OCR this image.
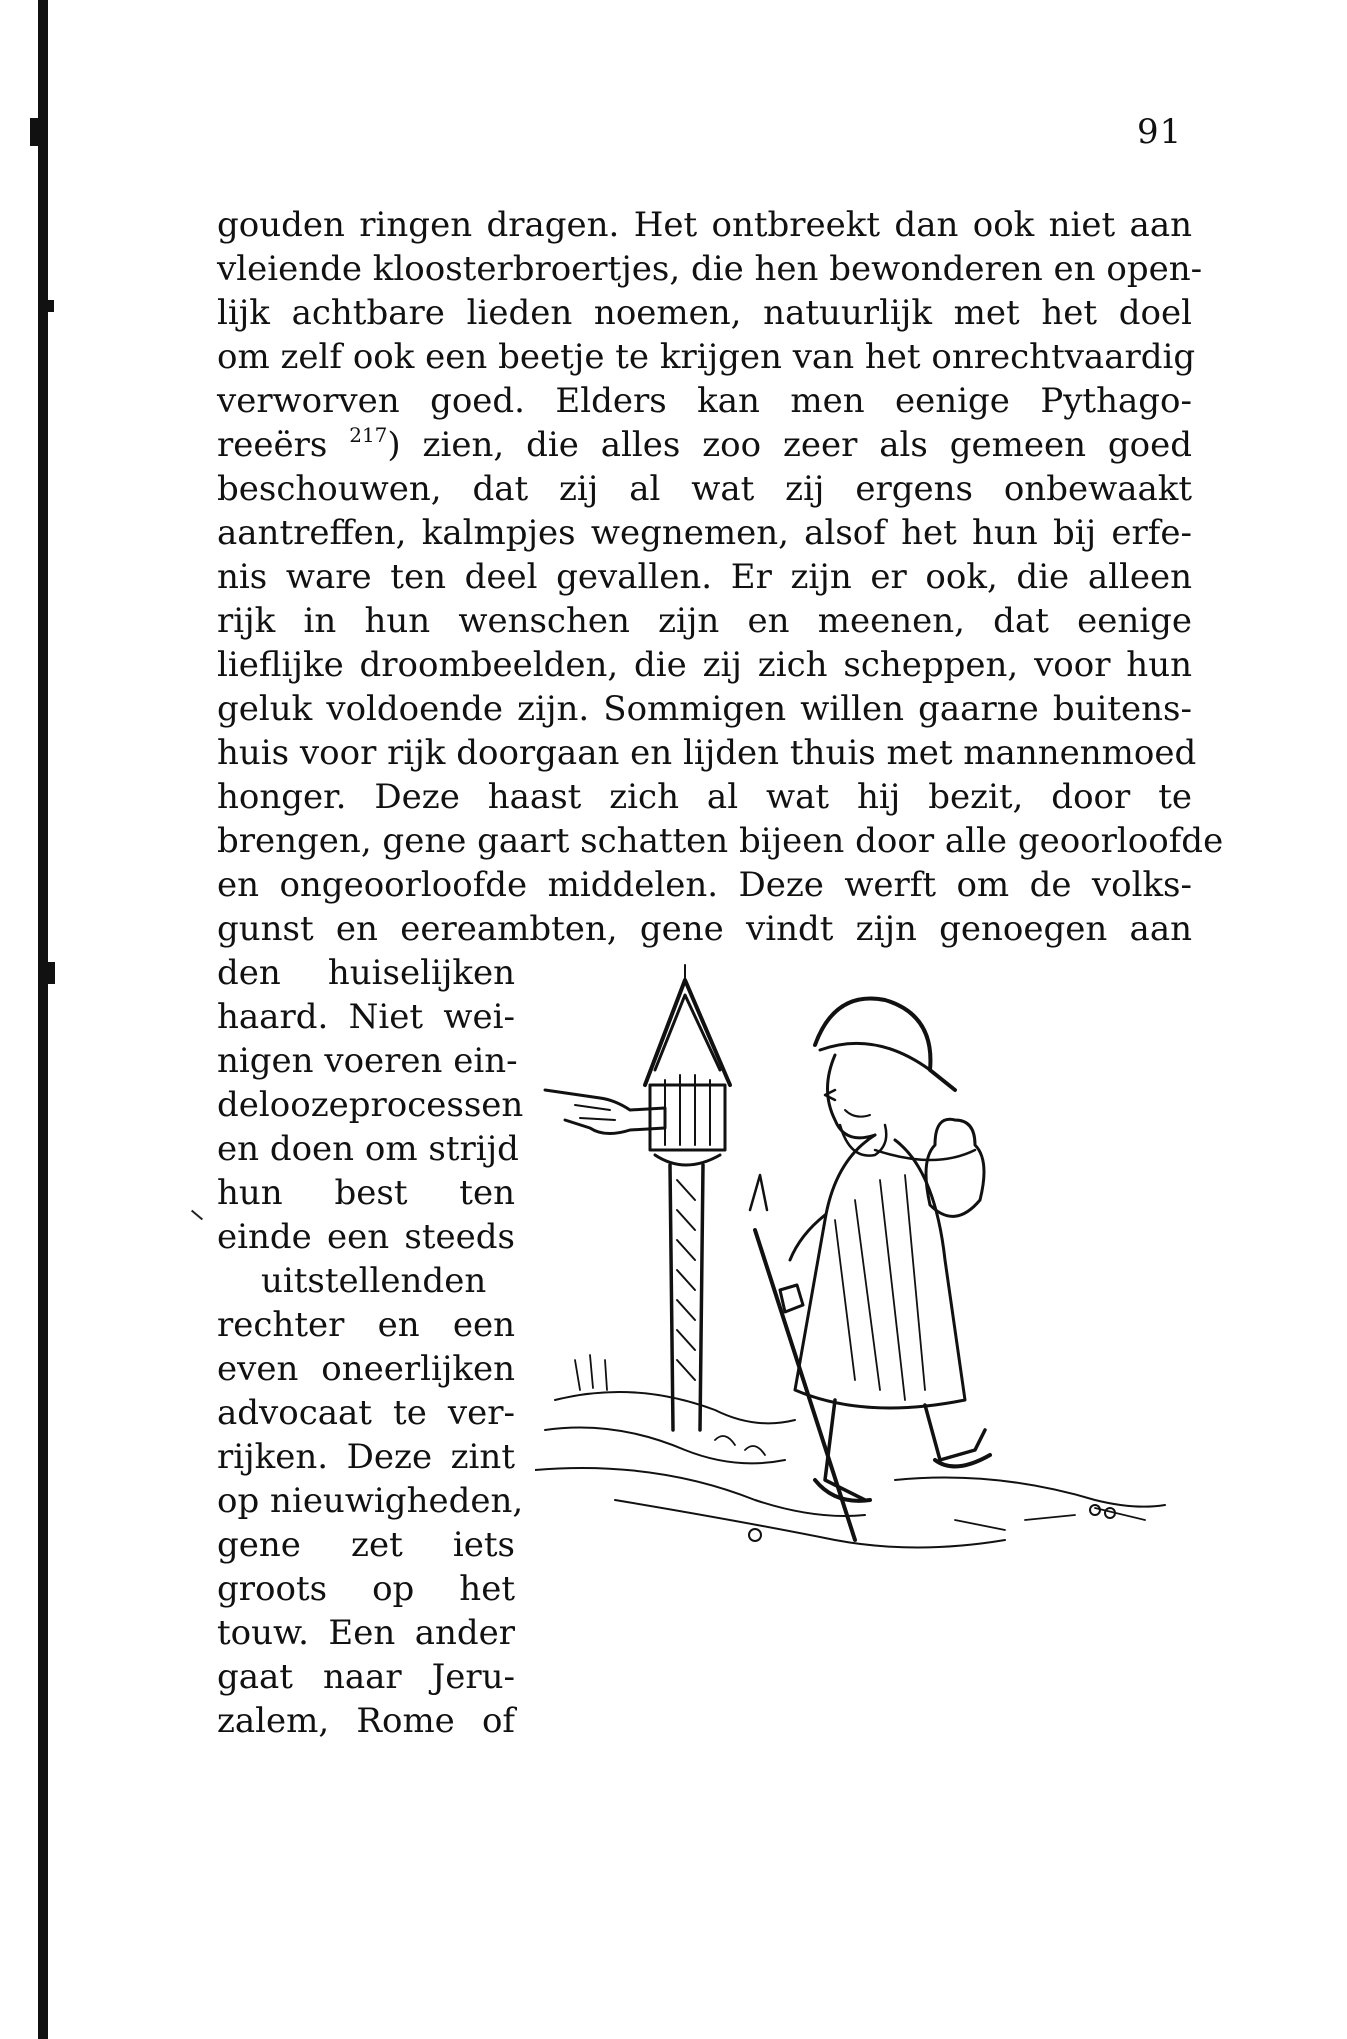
91
gouden ringen dragen. Het ontbreekt dan ook niet aan
vleiende kloosterbroertjes, die hen bewonderen en open-
lijk achtbare lieden noemen, natuurlijk met het doel
om zelf ook een beetje te krijgen van het onrechtvaardig
verworven goed. Elders kan men eenige Pythago-
reeërs $^{217}$) zien, die alles zoo zeer als gemeen goed
beschouwen, dat zij al wat zij ergens onbewaakt
aantreffen, kalmpjes wegnemen, alsof het hun bij erfe-
nis ware ten deel gevallen. Er zijn er ook, die alleen
rijk in hun wenschen zijn en meenen, dat eenige
lieflijke droombeelden, die zij zich scheppen, voor hun
geluk voldoende zijn. Sommigen willen gaarne buitens-
huis voor rijk doorgaan en lijden thuis met mannenmoed
honger. Deze haast zich al wat hij bezit, door te
brengen, gene gaart schatten bijeen door alle geoorloofde
en ongeoorloofde middelen. Deze werft om de volks-
gunst en eereambten, gene vindt zijn genoegen aan
den huiselijken
haard. Niet wei-
nigen voeren ein-
deloozeprocessen
en doen om strijd
hun best ten
einde een steeds
uitstellenden
rechter en een
even oneerlijken
advocaat te ver-
rijken. Deze zint
op nieuwigheden,
gene zet iets
groots op het
touw. Een ander
gaat naar Jeru-
zalem, Rome of
